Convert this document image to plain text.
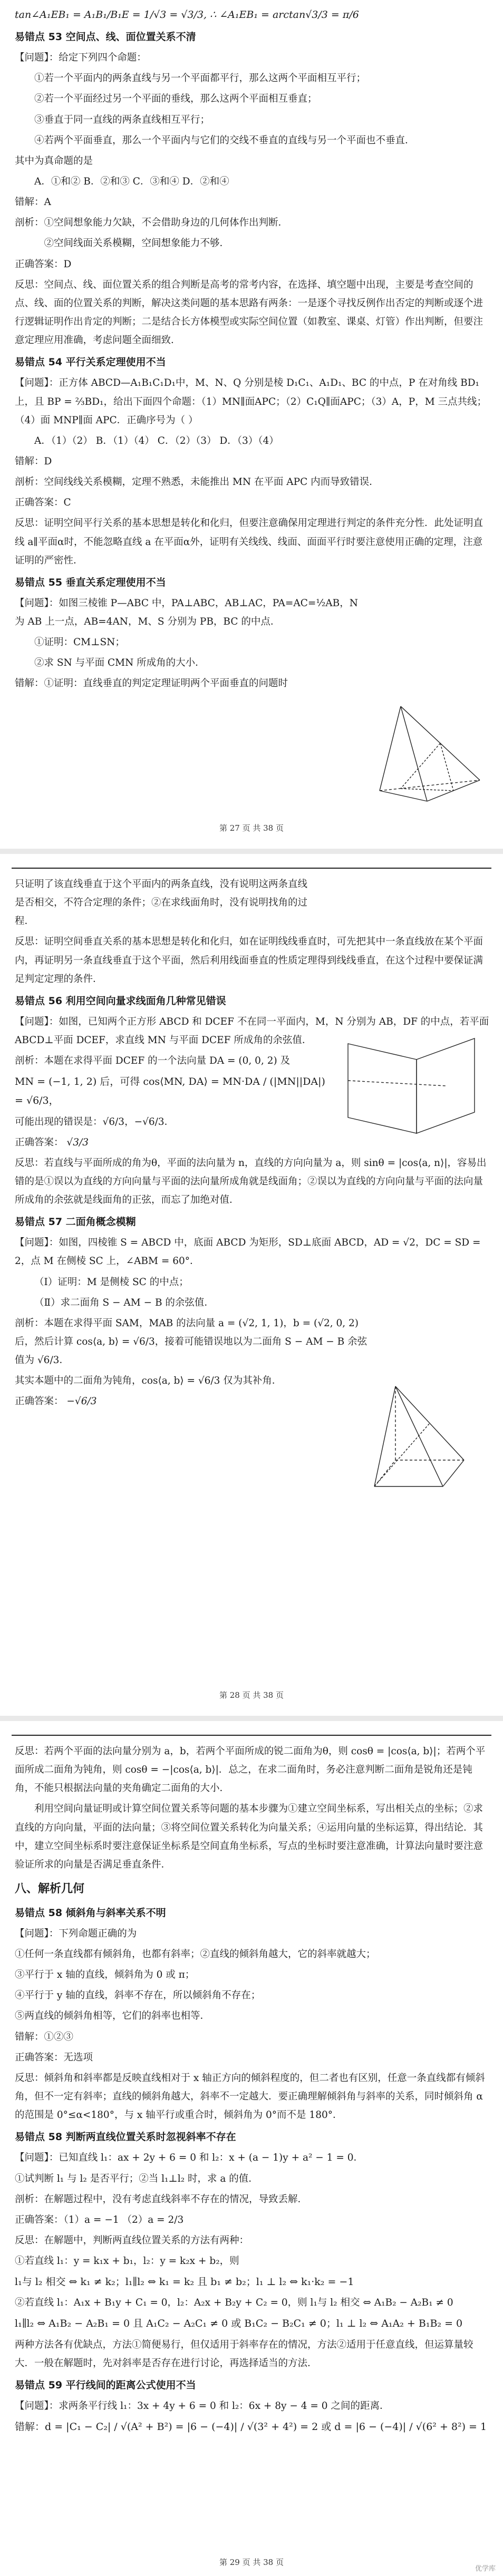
tan∠A₁EB₁ = A₁B₁/B₁E = 1/√3 = √3/3, ∴ ∠A₁EB₁ = arctan√3/3 = π/6

易错点 53 空间点、线、面位置关系不清

【问题】：给定下列四个命题：

①若一个平面内的两条直线与另一个平面都平行，那么这两个平面相互平行；

②若一个平面经过另一个平面的垂线，那么这两个平面相互垂直；

③垂直于同一直线的两条直线相互平行；

④若两个平面垂直，那么一个平面内与它们的交线不垂直的直线与另一个平面也不垂直．

其中为真命题的是

A．①和② B．②和③ C．③和④ D．②和④

错解：A

剖析：①空间想象能力欠缺，不会借助身边的几何体作出判断．

②空间线面关系模糊，空间想象能力不够．

正确答案：D

反思：空间点、线、面位置关系的组合判断是高考的常考内容，在选择、填空题中出现，主要是考查空间的点、线、面的位置关系的判断，解决这类问题的基本思路有两条：一是逐个寻找反例作出否定的判断或逐个进行逻辑证明作出肯定的判断；二是结合长方体模型或实际空间位置（如教室、课桌、灯管）作出判断，但要注意定理应用准确，考虑问题全面细致．

易错点 54 平行关系定理使用不当

【问题】：正方体 ABCD—A₁B₁C₁D₁中，M、N、Q 分别是棱 D₁C₁、A₁D₁、BC 的中点，P 在对角线 BD₁上，且 BP = ⅔BD₁，给出下面四个命题：（1）MN∥面APC；（2）C₁Q∥面APC；（3）A，P，M 三点共线；（4）面 MNP∥面 APC．正确序号为（ ）

A．（1）（2） B．（1）（4） C．（2）（3） D．（3）（4）

错解：D

剖析：空间线线关系模糊，定理不熟悉，未能推出 MN 在平面 APC 内而导致错误．

正确答案：C

反思：证明空间平行关系的基本思想是转化和化归，但要注意确保用定理进行判定的条件充分性．此处证明直线 a∥平面α时，不能忽略直线 a 在平面α外，证明有关线线、线面、面面平行时要注意使用正确的定理，注意证明的严密性．

易错点 55 垂直关系定理使用不当

【问题】：如图三棱锥 P—ABC 中，PA⊥ABC，AB⊥AC，PA=AC=½AB，N 为 AB 上一点，AB=4AN，M、S 分别为 PB，BC 的中点．

①证明：CM⊥SN；

②求 SN 与平面 CMN 所成角的大小．

错解：①证明：直线垂直的判定定理证明两个平面垂直的问题时

第 27 页 共 38 页

只证明了该直线垂直于这个平面内的两条直线，没有说明这两条直线是否相交，不符合定理的条件；②在求线面角时，没有说明找角的过程．

反思：证明空间垂直关系的基本思想是转化和化归，如在证明线线垂直时，可先把其中一条直线放在某个平面内，再证明另一条直线垂直于这个平面，然后利用线面垂直的性质定理得到线线垂直，在这个过程中要保证满足判定定理的条件．

易错点 56 利用空间向量求线面角几种常见错误

【问题】：如图，已知两个正方形 ABCD 和 DCEF 不在同一平面内，M，N 分别为 AB，DF 的中点，若平面 ABCD⊥平面 DCEF，求直线 MN 与平面 DCEF 所成角的余弦值．

剖析：本题在求得平面 DCEF 的一个法向量 DA = (0, 0, 2) 及

MN = (−1, 1, 2) 后，可得 cos⟨MN, DA⟩ = MN·DA / (|MN||DA|) = √6/3，

可能出现的错误是：√6/3，−√6/3．

正确答案： √3/3

反思：若直线与平面所成的角为θ，平面的法向量为 n，直线的方向向量为 a，则 sinθ = |cos⟨a, n⟩|，容易出错的是①误以为直线的方向向量与平面的法向量所成角就是线面角；②误以为直线的方向向量与平面的法向量所成角的余弦就是线面角的正弦，而忘了加绝对值．

易错点 57 二面角概念模糊

【问题】：如图，四棱锥 S = ABCD 中，底面 ABCD 为矩形，SD⊥底面 ABCD，AD = √2，DC = SD = 2，点 M 在侧棱 SC 上，∠ABM = 60°．

（Ⅰ）证明：M 是侧棱 SC 的中点；

（Ⅱ）求二面角 S − AM − B 的余弦值．

剖析：本题在求得平面 SAM，MAB 的法向量 a = (√2, 1, 1)，b = (√2, 0, 2) 后，然后计算 cos⟨a, b⟩ = √6/3，接着可能错误地以为二面角 S − AM − B 余弦值为 √6/3．

其实本题中的二面角为钝角，cos⟨a, b⟩ = √6/3 仅为其补角．

正确答案： −√6/3

第 28 页 共 38 页

反思：若两个平面的法向量分别为 a，b，若两个平面所成的锐二面角为θ，则 cosθ = |cos⟨a, b⟩|；若两个平面所成二面角为钝角，则 cosθ = −|cos⟨a, b⟩|．总之，在求二面角时，务必注意判断二面角是锐角还是钝角，不能只根据法向量的夹角确定二面角的大小．

利用空间向量证明或计算空间位置关系等问题的基本步骤为①建立空间坐标系，写出相关点的坐标；②求直线的方向向量，平面的法向量；③将空间位置关系转化为向量关系；④运用向量的坐标运算，得出结论．其中，建立空间坐标系时要注意保证坐标系是空间直角坐标系，写点的坐标时要注意准确，计算法向量时要注意验证所求的向量是否满足垂直条件．

八、解析几何

易错点 58 倾斜角与斜率关系不明

【问题】：下列命题正确的为

①任何一条直线都有倾斜角，也都有斜率；②直线的倾斜角越大，它的斜率就越大；

③平行于 x 轴的直线，倾斜角为 0 或 π；

④平行于 y 轴的直线，斜率不存在，所以倾斜角不存在；

⑤两直线的倾斜角相等，它们的斜率也相等．

错解：①②③

正确答案：无选项

反思：倾斜角和斜率都是反映直线相对于 x 轴正方向的倾斜程度的，但二者也有区别，任意一条直线都有倾斜角，但不一定有斜率；直线的倾斜角越大，斜率不一定越大．要正确理解倾斜角与斜率的关系，同时倾斜角 α 的范围是 0°≤α<180°，与 x 轴平行或重合时，倾斜角为 0°而不是 180°．

易错点 58 判断两直线位置关系时忽视斜率不存在

【问题】：已知直线 l₁：ax + 2y + 6 = 0 和 l₂：x + (a − 1)y + a² − 1 = 0．

①试判断 l₁ 与 l₂ 是否平行；②当 l₁⊥l₂ 时，求 a 的值．

剖析：在解题过程中，没有考虑直线斜率不存在的情况，导致丢解．

正确答案：（1）a = −1 （2）a = 2/3

反思：在解题中，判断两直线位置关系的方法有两种：

①若直线 l₁：y = k₁x + b₁，l₂：y = k₂x + b₂，则

l₁与 l₂ 相交 ⇔ k₁ ≠ k₂；l₁∥l₂ ⇔ k₁ = k₂ 且 b₁ ≠ b₂；l₁ ⊥ l₂ ⇔ k₁·k₂ = −1

②若直线 l₁：A₁x + B₁y + C₁ = 0，l₂：A₂x + B₂y + C₂ = 0，则 l₁与 l₂ 相交 ⇔ A₁B₂ − A₂B₁ ≠ 0

l₁∥l₂ ⇔ A₁B₂ − A₂B₁ = 0 且 A₁C₂ − A₂C₁ ≠ 0 或 B₁C₂ − B₂C₁ ≠ 0；l₁ ⊥ l₂ ⇔ A₁A₂ + B₁B₂ = 0

两种方法各有优缺点，方法①简便易行，但仅适用于斜率存在的情况，方法②适用于任意直线，但运算量较大．一般在解题时，先对斜率是否存在进行讨论，再选择适当的方法．

易错点 59 平行线间的距离公式使用不当

【问题】：求两条平行线 l₁：3x + 4y + 6 = 0 和 l₂：6x + 8y − 4 = 0 之间的距离．

错解：d = |C₁ − C₂| / √(A² + B²) = |6 − (−4)| / √(3² + 4²) = 2 或 d = |6 − (−4)| / √(6² + 8²) = 1

第 29 页 共 38 页
优学库
